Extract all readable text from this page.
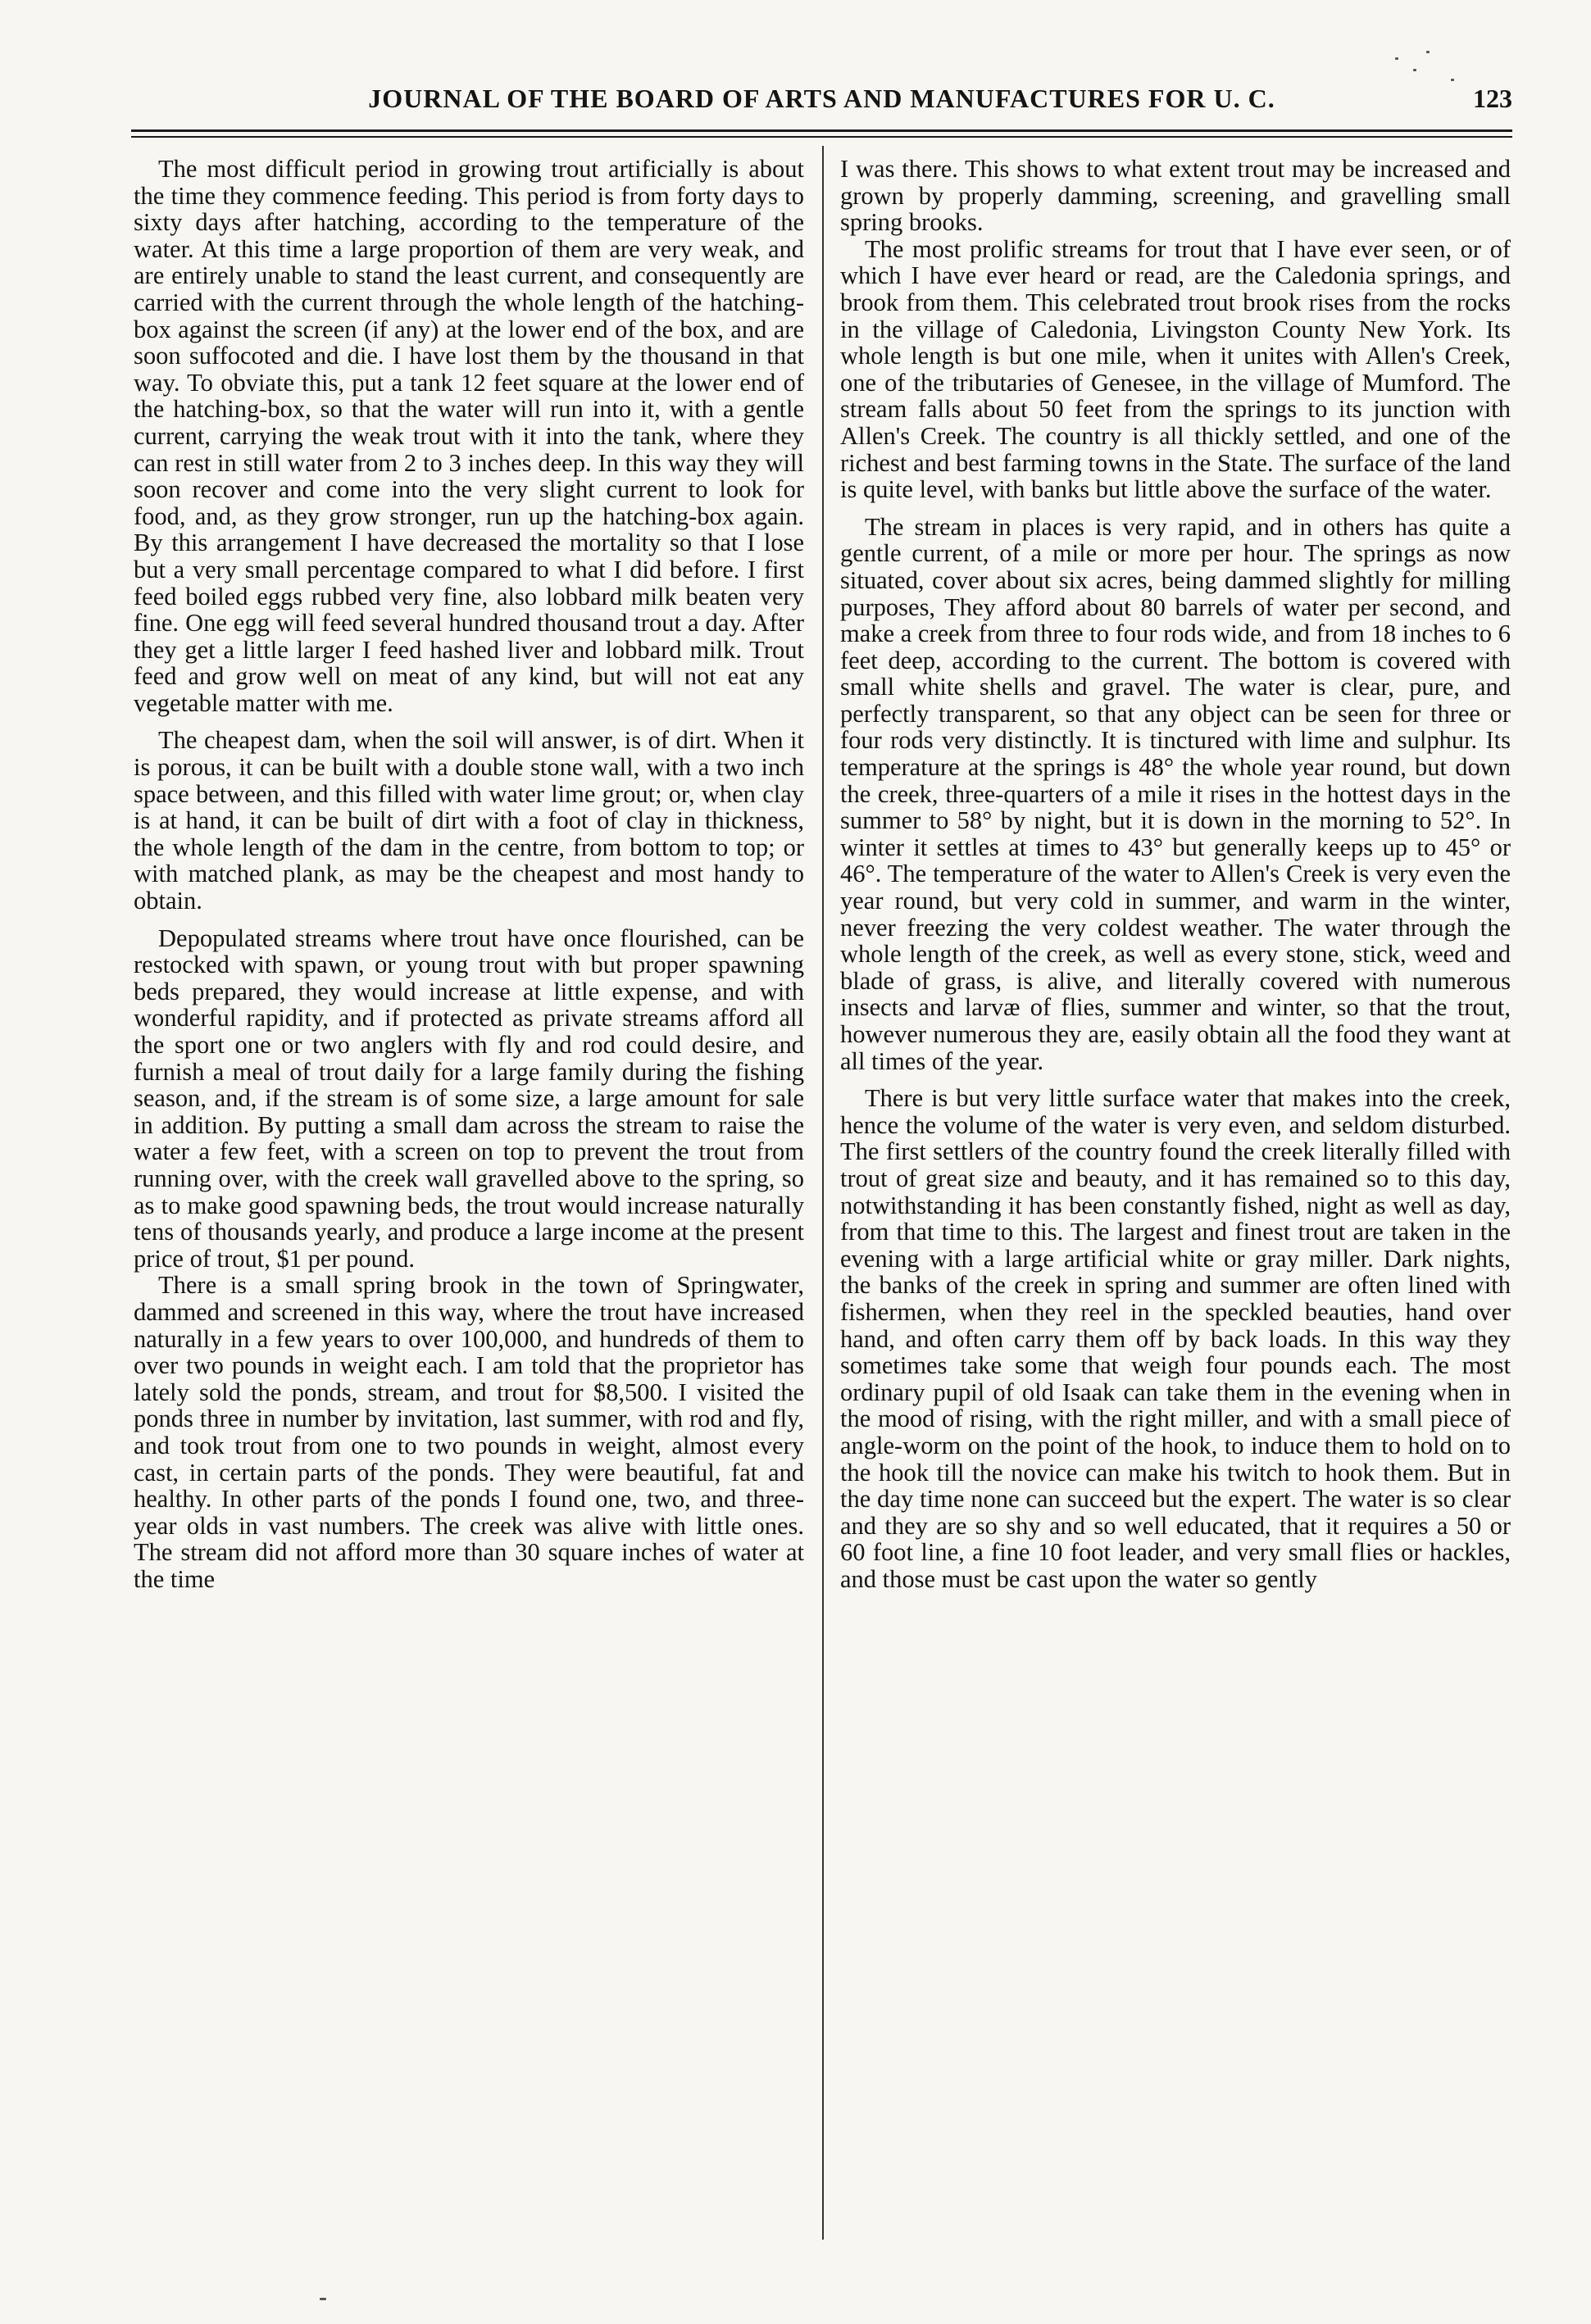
JOURNAL OF THE BOARD OF ARTS AND MANUFACTURES FOR U. C.	123

The most difficult period in growing trout artificially is about the time they commence feeding. This period is from forty days to sixty days after hatching, according to the temperature of the water. At this time a large proportion of them are very weak, and are entirely unable to stand the least current, and consequently are carried with the current through the whole length of the hatching-box against the screen (if any) at the lower end of the box, and are soon suffocoted and die. I have lost them by the thousand in that way. To obviate this, put a tank 12 feet square at the lower end of the hatching-box, so that the water will run into it, with a gentle current, carrying the weak trout with it into the tank, where they can rest in still water from 2 to 3 inches deep. In this way they will soon recover and come into the very slight current to look for food, and, as they grow stronger, run up the hatching-box again. By this arrangement I have decreased the mortality so that I lose but a very small percentage compared to what I did before. I first feed boiled eggs rubbed very fine, also lobbard milk beaten very fine. One egg will feed several hundred thousand trout a day. After they get a little larger I feed hashed liver and lobbard milk. Trout feed and grow well on meat of any kind, but will not eat any vegetable matter with me.

The cheapest dam, when the soil will answer, is of dirt. When it is porous, it can be built with a double stone wall, with a two inch space between, and this filled with water lime grout; or, when clay is at hand, it can be built of dirt with a foot of clay in thickness, the whole length of the dam in the centre, from bottom to top; or with matched plank, as may be the cheapest and most handy to obtain.

Depopulated streams where trout have once flourished, can be restocked with spawn, or young trout with but proper spawning beds prepared, they would increase at little expense, and with wonderful rapidity, and if protected as private streams afford all the sport one or two anglers with fly and rod could desire, and furnish a meal of trout daily for a large family during the fishing season, and, if the stream is of some size, a large amount for sale in addition. By putting a small dam across the stream to raise the water a few feet, with a screen on top to prevent the trout from running over, with the creek wall gravelled above to the spring, so as to make good spawning beds, the trout would increase naturally tens of thousands yearly, and produce a large income at the present price of trout, $1 per pound.

There is a small spring brook in the town of Springwater, dammed and screened in this way, where the trout have increased naturally in a few years to over 100,000, and hundreds of them to over two pounds in weight each. I am told that the proprietor has lately sold the ponds, stream, and trout for $8,500. I visited the ponds three in number by invitation, last summer, with rod and fly, and took trout from one to two pounds in weight, almost every cast, in certain parts of the ponds. They were beautiful, fat and healthy. In other parts of the ponds I found one, two, and three-year olds in vast numbers. The creek was alive with little ones. The stream did not afford more than 30 square inches of water at the time

I was there. This shows to what extent trout may be increased and grown by properly damming, screening, and gravelling small spring brooks.

The most prolific streams for trout that I have ever seen, or of which I have ever heard or read, are the Caledonia springs, and brook from them. This celebrated trout brook rises from the rocks in the village of Caledonia, Livingston County New York. Its whole length is but one mile, when it unites with Allen's Creek, one of the tributaries of Genesee, in the village of Mumford. The stream falls about 50 feet from the springs to its junction with Allen's Creek. The country is all thickly settled, and one of the richest and best farming towns in the State. The surface of the land is quite level, with banks but little above the surface of the water.

The stream in places is very rapid, and in others has quite a gentle current, of a mile or more per hour. The springs as now situated, cover about six acres, being dammed slightly for milling purposes, They afford about 80 barrels of water per second, and make a creek from three to four rods wide, and from 18 inches to 6 feet deep, according to the current. The bottom is covered with small white shells and gravel. The water is clear, pure, and perfectly transparent, so that any object can be seen for three or four rods very distinctly. It is tinctured with lime and sulphur. Its temperature at the springs is 48° the whole year round, but down the creek, three-quarters of a mile it rises in the hottest days in the summer to 58° by night, but it is down in the morning to 52°. In winter it settles at times to 43° but generally keeps up to 45° or 46°. The temperature of the water to Allen's Creek is very even the year round, but very cold in summer, and warm in the winter, never freezing the very coldest weather. The water through the whole length of the creek, as well as every stone, stick, weed and blade of grass, is alive, and literally covered with numerous insects and larvæ of flies, summer and winter, so that the trout, however numerous they are, easily obtain all the food they want at all times of the year.

There is but very little surface water that makes into the creek, hence the volume of the water is very even, and seldom disturbed. The first settlers of the country found the creek literally filled with trout of great size and beauty, and it has remained so to this day, notwithstanding it has been constantly fished, night as well as day, from that time to this. The largest and finest trout are taken in the evening with a large artificial white or gray miller. Dark nights, the banks of the creek in spring and summer are often lined with fishermen, when they reel in the speckled beauties, hand over hand, and often carry them off by back loads. In this way they sometimes take some that weigh four pounds each. The most ordinary pupil of old Isaak can take them in the evening when in the mood of rising, with the right miller, and with a small piece of angle-worm on the point of the hook, to induce them to hold on to the hook till the novice can make his twitch to hook them. But in the day time none can succeed but the expert. The water is so clear and they are so shy and so well educated, that it requires a 50 or 60 foot line, a fine 10 foot leader, and very small flies or hackles, and those must be cast upon the water so gently
